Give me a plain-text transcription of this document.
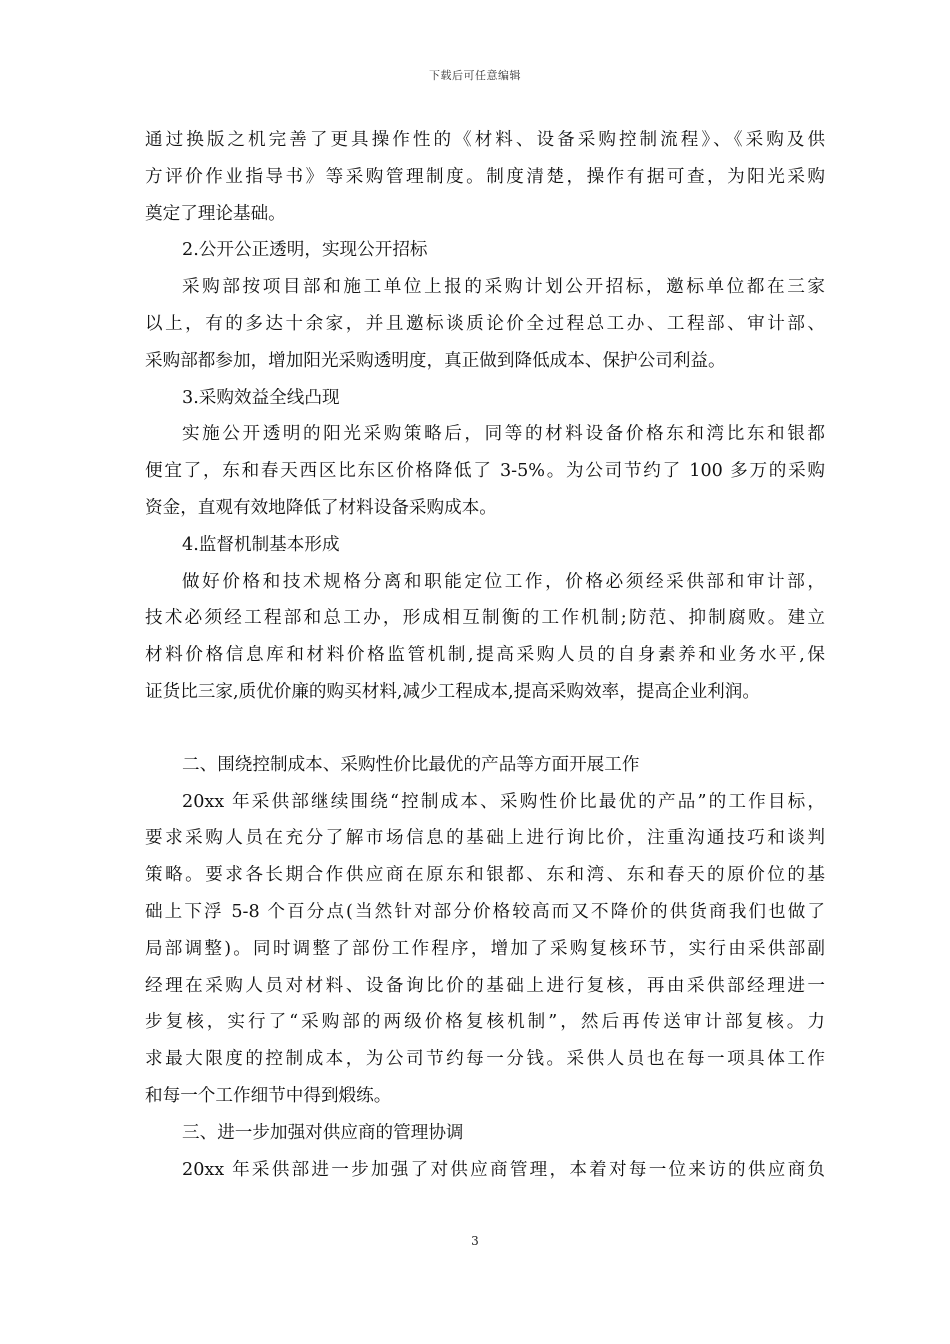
下载后可任意编辑
通过换版之机完善了更具操作性的《材料、设备采购控制流程》、《采购及供
方评价作业指导书》等采购管理制度。制度清楚，操作有据可查，为阳光采购
奠定了理论基础。
2.公开公正透明，实现公开招标
采购部按项目部和施工单位上报的采购计划公开招标，邀标单位都在三家
以上，有的多达十余家，并且邀标谈质论价全过程总工办、工程部、审计部、
采购部都参加，增加阳光采购透明度，真正做到降低成本、保护公司利益。
3.采购效益全线凸现
实施公开透明的阳光采购策略后，同等的材料设备价格东和湾比东和银都
便宜了，东和春天西区比东区价格降低了 3-5%。为公司节约了 100 多万的采购
资金，直观有效地降低了材料设备采购成本。
4.监督机制基本形成
做好价格和技术规格分离和职能定位工作，价格必须经采供部和审计部，
技术必须经工程部和总工办，形成相互制衡的工作机制;防范、抑制腐败。建立
材料价格信息库和材料价格监管机制,提高采购人员的自身素养和业务水平,保
证货比三家,质优价廉的购买材料,减少工程成本,提高采购效率，提高企业利润。
二、围绕控制成本、采购性价比最优的产品等方面开展工作
20xx 年采供部继续围绕“控制成本、采购性价比最优的产品”的工作目标，
要求采购人员在充分了解市场信息的基础上进行询比价，注重沟通技巧和谈判
策略。要求各长期合作供应商在原东和银都、东和湾、东和春天的原价位的基
础上下浮 5-8 个百分点(当然针对部分价格较高而又不降价的供货商我们也做了
局部调整)。同时调整了部份工作程序，增加了采购复核环节，实行由采供部副
经理在采购人员对材料、设备询比价的基础上进行复核，再由采供部经理进一
步复核，实行了“采购部的两级价格复核机制”，然后再传送审计部复核。力
求最大限度的控制成本，为公司节约每一分钱。采供人员也在每一项具体工作
和每一个工作细节中得到煅练。
三、进一步加强对供应商的管理协调
20xx 年采供部进一步加强了对供应商管理，本着对每一位来访的供应商负
3
